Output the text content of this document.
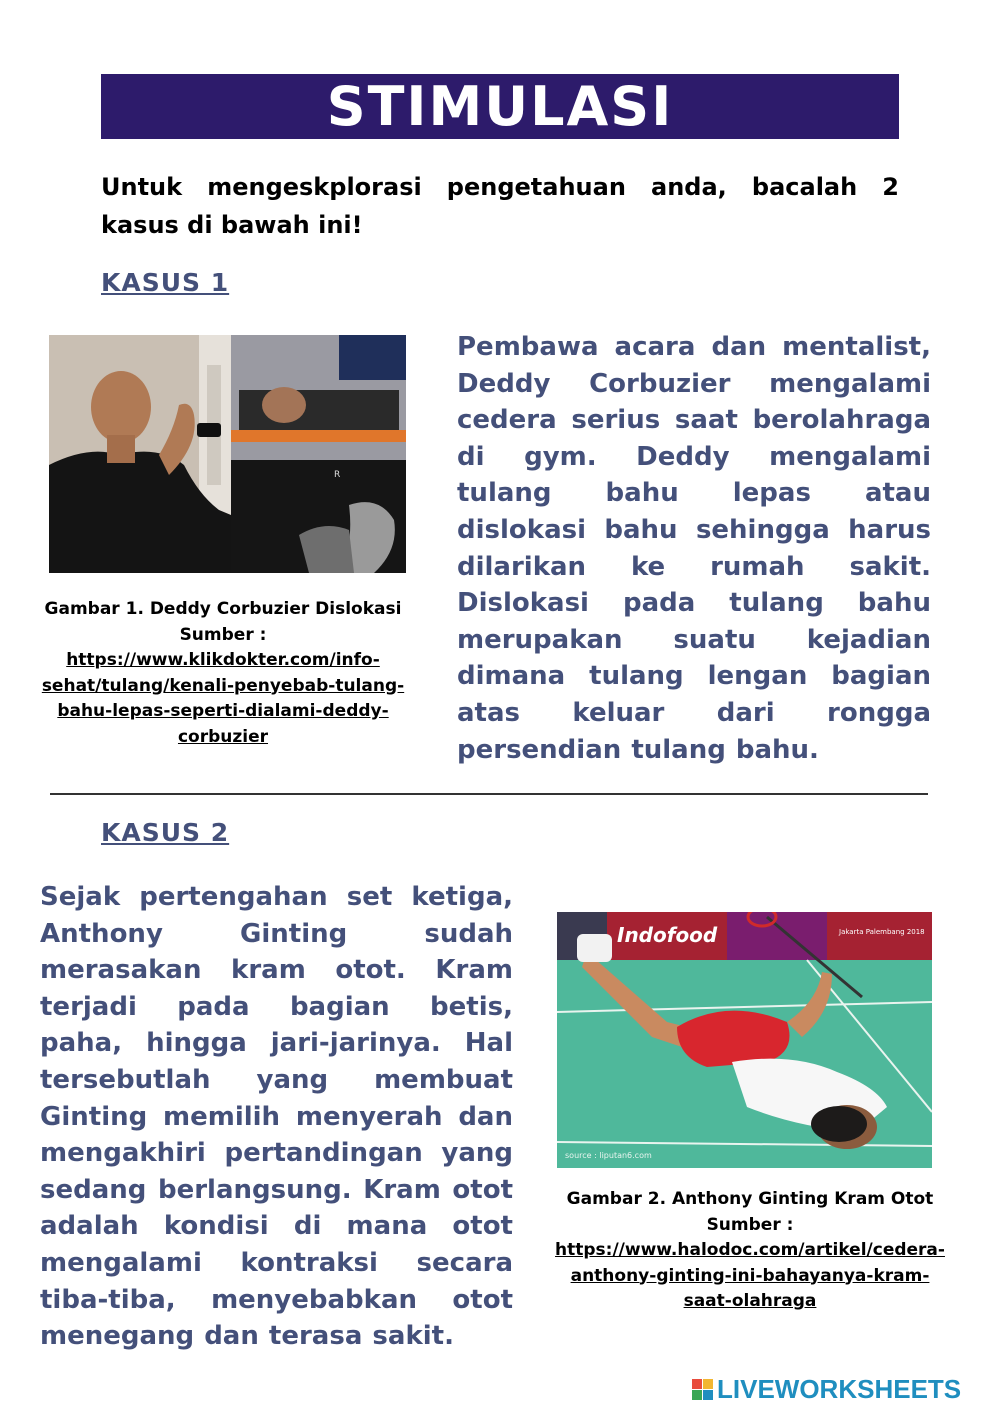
STIMULASI
Untuk mengeskplorasi pengetahuan anda, bacalah 2 kasus di bawah ini!
KASUS 1
R
Gambar 1. Deddy Corbuzier Dislokasi
Sumber :
https://www.klikdokter.com/info-sehat/tulang/kenali-penyebab-tulang-bahu-lepas-seperti-dialami-deddy-corbuzier
Pembawa acara dan mentalist, Deddy Corbuzier mengalami cedera serius saat berolahraga di gym. Deddy mengalami tulang bahu lepas atau dislokasi bahu sehingga harus dilarikan ke rumah sakit. Dislokasi pada tulang bahu merupakan suatu kejadian dimana tulang lengan bagian atas keluar dari rongga persendian tulang bahu.
KASUS 2
Sejak pertengahan set ketiga, Anthony Ginting sudah merasakan kram otot. Kram terjadi pada bagian betis, paha, hingga jari-jarinya. Hal tersebutlah yang membuat Ginting memilih menyerah dan mengakhiri pertandingan yang sedang berlangsung. Kram otot adalah kondisi di mana otot mengalami kontraksi secara tiba-tiba, menyebabkan otot menegang dan terasa sakit.
Indofood	Jakarta Palembang 2018
source : liputan6.com
Gambar 2. Anthony Ginting Kram Otot
Sumber :
https://www.halodoc.com/artikel/cedera-anthony-ginting-ini-bahayanya-kram-saat-olahraga
LIVEWORKSHEETS
